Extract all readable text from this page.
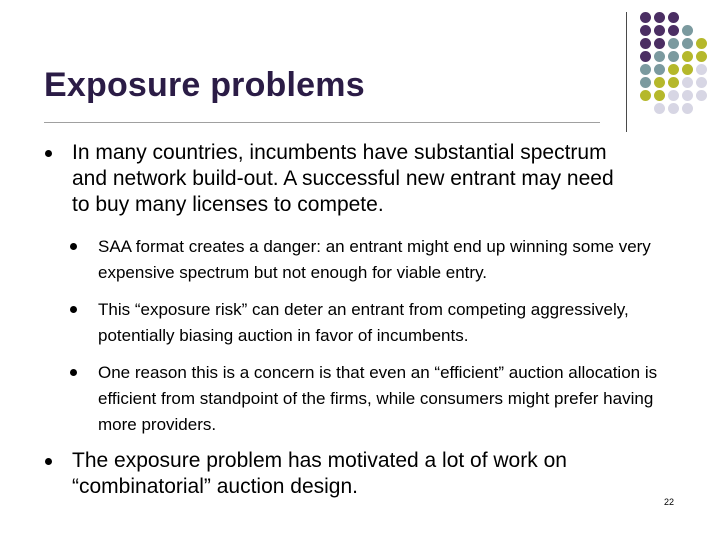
Exposure problems

In many countries, incumbents have substantial spectrum and network build-out. A successful new entrant may need to buy many licenses to compete.

SAA format creates a danger: an entrant might end up winning some very expensive spectrum but not enough for viable entry.

This “exposure risk” can deter an entrant from competing aggressively, potentially biasing auction in favor of incumbents.

One reason this is a concern is that even an “efficient” auction allocation is efficient from standpoint of the firms, while consumers might prefer having more providers.

The exposure problem has motivated a lot of work on “combinatorial” auction design.

22
